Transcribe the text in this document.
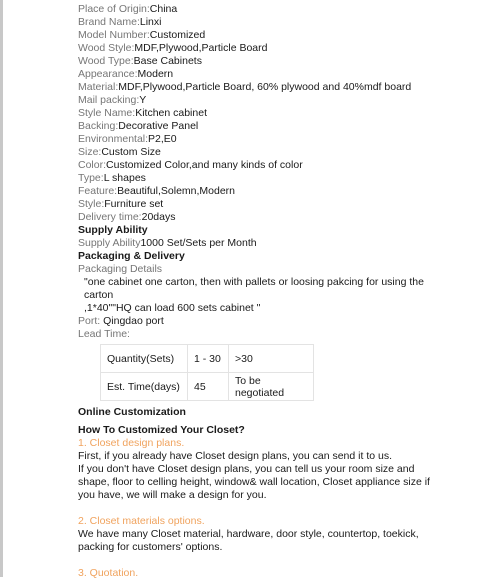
Place of Origin:China
Brand Name:Linxi
Model Number:Customized
Wood Style:MDF,Plywood,Particle Board
Wood Type:Base Cabinets
Appearance:Modern
Material:MDF,Plywood,Particle Board, 60% plywood and 40%mdf board
Mail packing:Y
Style Name:Kitchen cabinet
Backing:Decorative Panel
Environmental:P2,E0
Size:Custom Size
Color:Customized Color,and many kinds of color
Type:L shapes
Feature:Beautiful,Solemn,Modern
Style:Furniture set
Delivery time:20days
Supply Ability
Supply Ability1000 Set/Sets per Month
Packaging & Delivery
Packaging Details
"one cabinet one carton, then with pallets or loosing pakcing for using the
carton
,1*40""HQ can load 600 sets cabinet "
Port: Qingdao port
Lead Time:
Quantity(Sets)	1 - 30	>30
Est. Time(days)	45	To be negotiated
Online Customization
How To Customized Your Closet?
1. Closet design plans.
First, if you already have Closet design plans, you can send it to us.
If you don't have Closet design plans, you can tell us your room size and
shape, floor to celling height, window& wall location, Closet appliance size if
you have, we will make a design for you.
2. Closet materials options.
We have many Closet material, hardware, door style, countertop, toekick,
packing for customers' options.
3. Quotation.
